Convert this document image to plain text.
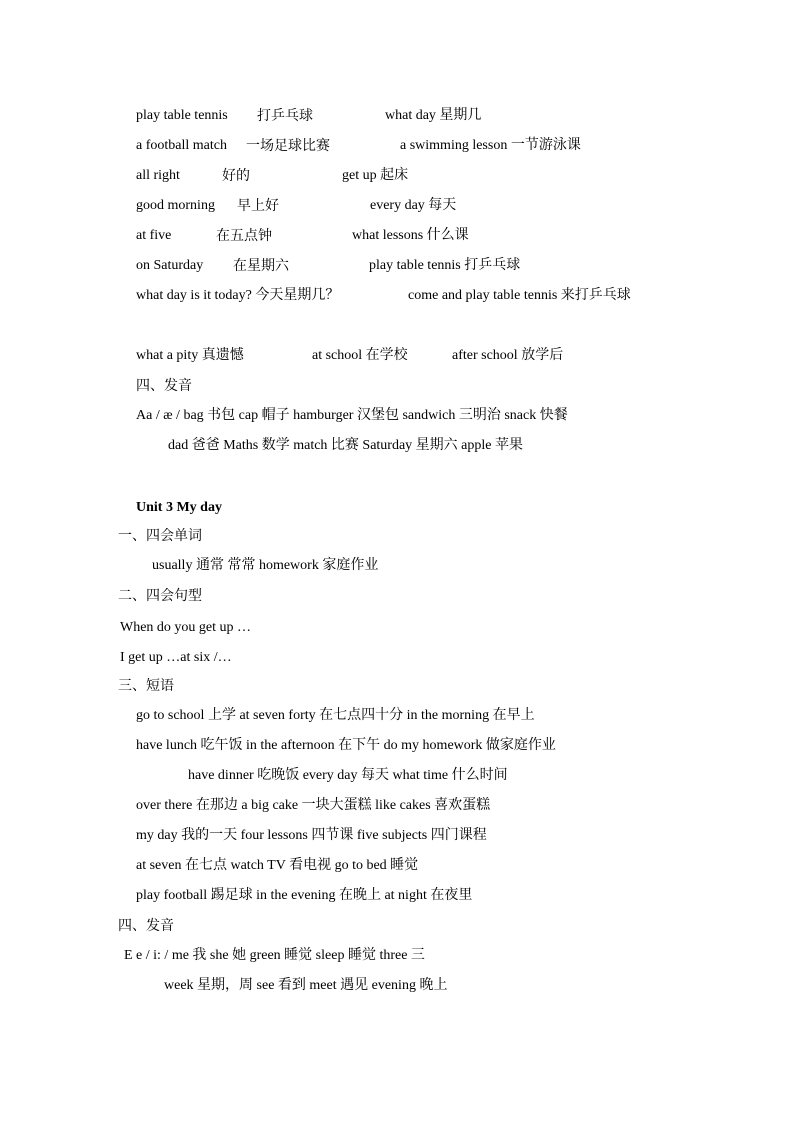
play table tennis 打乒乓球	what day 星期几
a football match 一场足球比赛	a swimming lesson 一节游泳课
all right	好的	get up 起床
good morning 早上好	every day 每天
at five	在五点钟	what lessons 什么课
on Saturday 在星期六	play table tennis 打乒乓球
what day is it today? 今天星期几？	come and play table tennis 来打乒乓球
what a pity 真遗憾	at school 在学校	after school 放学后
四、发音
Aa / æ / bag 书包 cap 帽子 hamburger 汉堡包 sandwich 三明治 snack 快餐
dad 爸爸 Maths 数学 match 比赛 Saturday 星期六 apple 苹果
Unit 3 My day
一、四会单词
usually 通常 常常 homework 家庭作业
二、四会句型
When do you get up …
I get up …at six /…
三、短语
go to school 上学 at seven forty 在七点四十分 in the morning 在早上
have lunch 吃午饭 in the afternoon 在下午 do my homework 做家庭作业
have dinner 吃晚饭 every day 每天 what time 什么时间
over there 在那边 a big cake 一块大蛋糕 like cakes 喜欢蛋糕
my day 我的一天 four lessons 四节课 five subjects 四门课程
at seven 在七点 watch TV 看电视 go to bed 睡觉
play football 踢足球 in the evening 在晚上 at night 在夜里
四、发音
E e / i: / me 我 she 她 green 睡觉 sleep 睡觉 three 三
week 星期，周 see 看到 meet 遇见 evening 晚上
